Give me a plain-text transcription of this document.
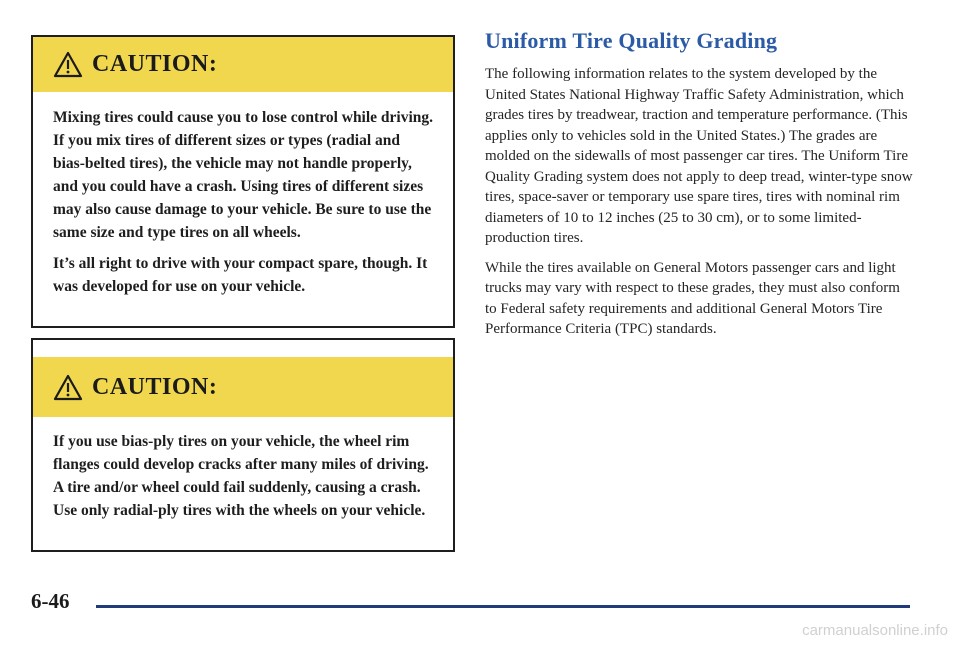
CAUTION:

Mixing tires could cause you to lose control while driving. If you mix tires of different sizes or types (radial and bias-belted tires), the vehicle may not handle properly, and you could have a crash. Using tires of different sizes may also cause damage to your vehicle. Be sure to use the same size and type tires on all wheels.

It’s all right to drive with your compact spare, though. It was developed for use on your vehicle.

CAUTION:

If you use bias-ply tires on your vehicle, the wheel rim flanges could develop cracks after many miles of driving. A tire and/or wheel could fail suddenly, causing a crash. Use only radial-ply tires with the wheels on your vehicle.

Uniform Tire Quality Grading

The following information relates to the system developed by the United States National Highway Traffic Safety Administration, which grades tires by treadwear, traction and temperature performance. (This applies only to vehicles sold in the United States.) The grades are molded on the sidewalls of most passenger car tires. The Uniform Tire Quality Grading system does not apply to deep tread, winter-type snow tires, space-saver or temporary use spare tires, tires with nominal rim diameters of 10 to 12 inches (25 to 30 cm), or to some limited-production tires.

While the tires available on General Motors passenger cars and light trucks may vary with respect to these grades, they must also conform to Federal safety requirements and additional General Motors Tire Performance Criteria (TPC) standards.

6-46
carmanualsonline.info
